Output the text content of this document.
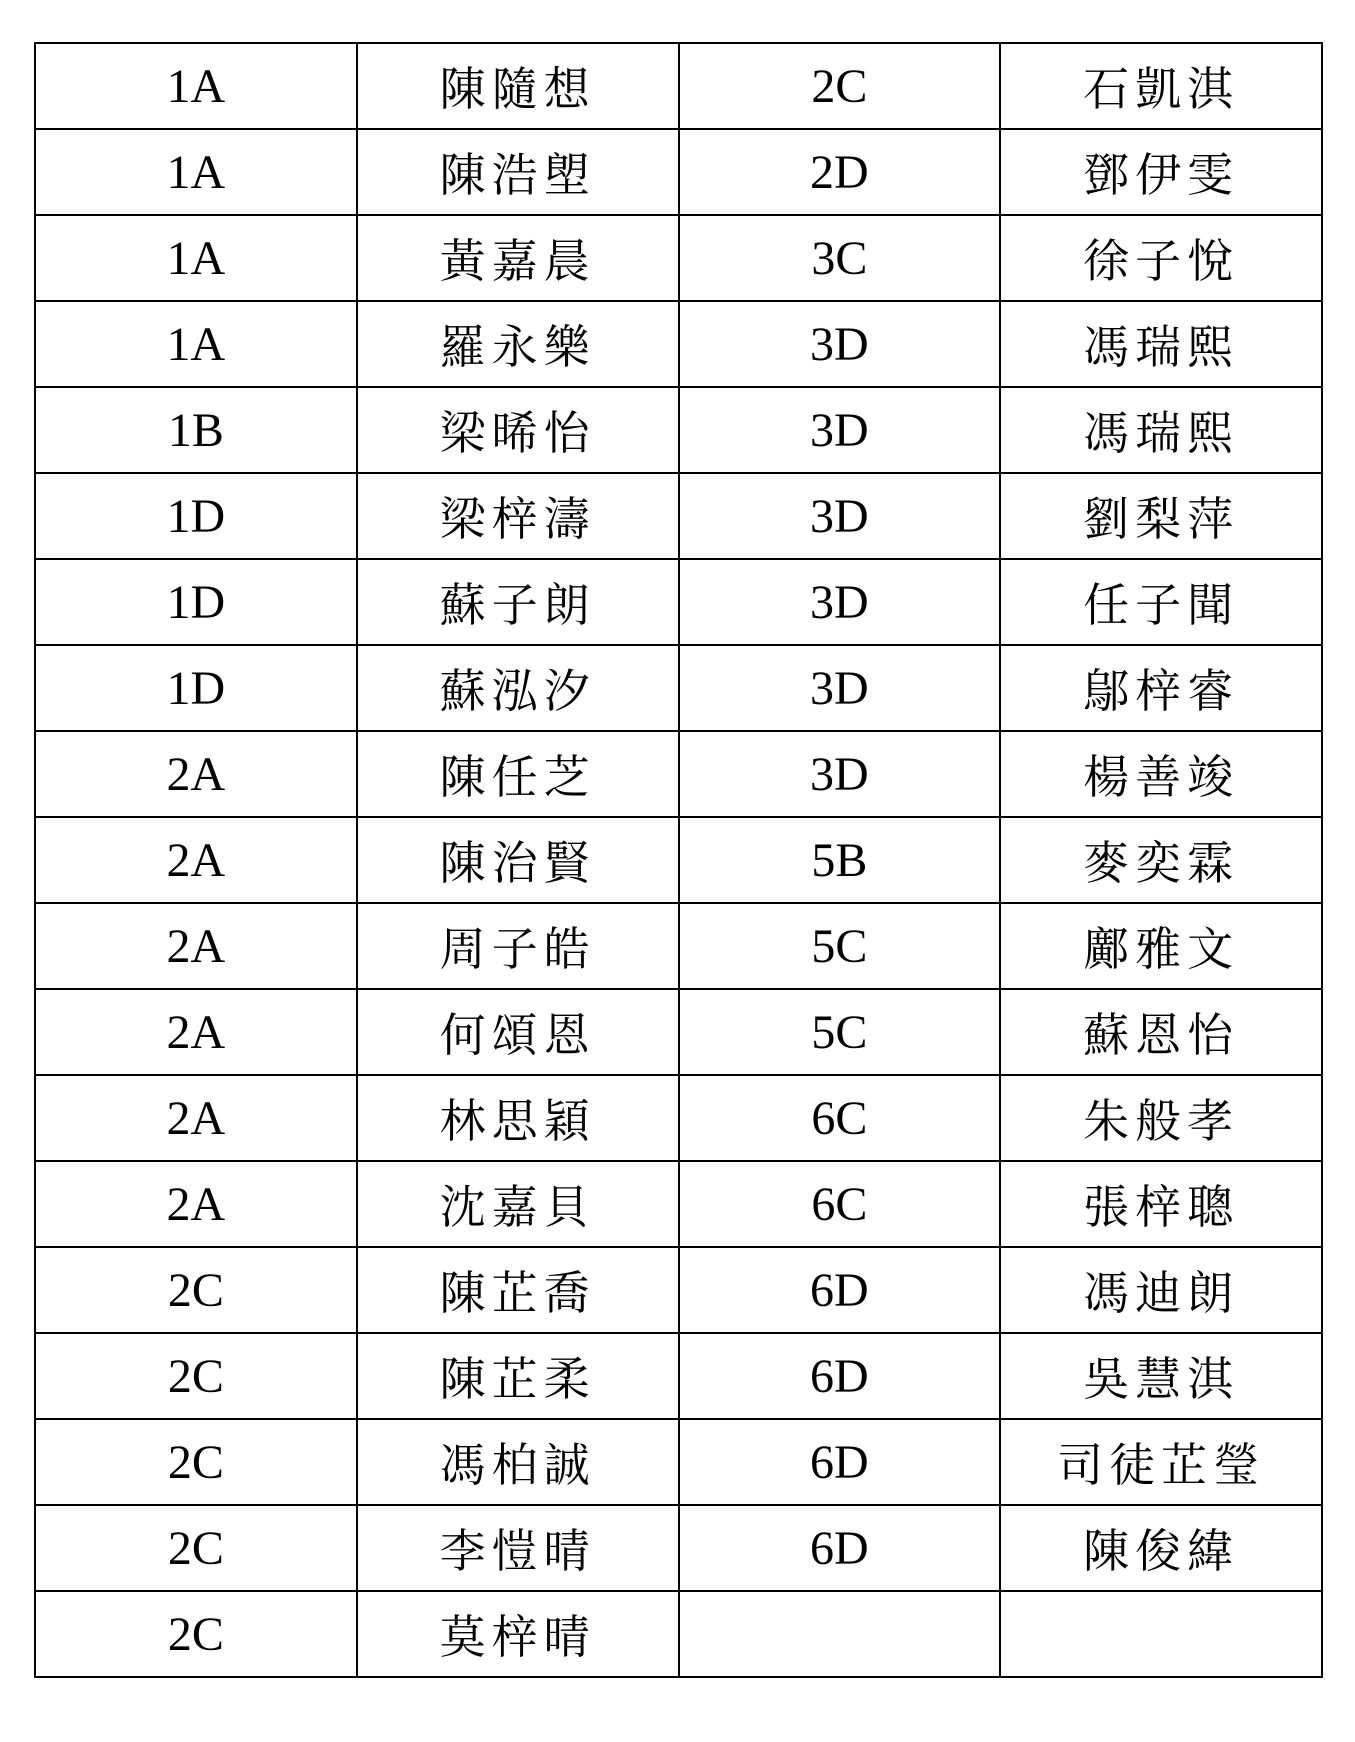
1A	陳隨想	2C	石凱淇
1A	陳浩塱	2D	鄧伊雯
1A	黃嘉晨	3C	徐子悅
1A	羅永樂	3D	馮瑞熙
1B	梁晞怡	3D	馮瑞熙
1D	梁梓濤	3D	劉梨萍
1D	蘇子朗	3D	任子聞
1D	蘇泓汐	3D	鄔梓睿
2A	陳任芝	3D	楊善竣
2A	陳治賢	5B	麥奕霖
2A	周子皓	5C	鄺雅文
2A	何頌恩	5C	蘇恩怡
2A	林思穎	6C	朱般孝
2A	沈嘉貝	6C	張梓聰
2C	陳芷喬	6D	馮迪朗
2C	陳芷柔	6D	吳慧淇
2C	馮柏誠	6D	司徒芷瑩
2C	李愷晴	6D	陳俊緯
2C	莫梓晴		
